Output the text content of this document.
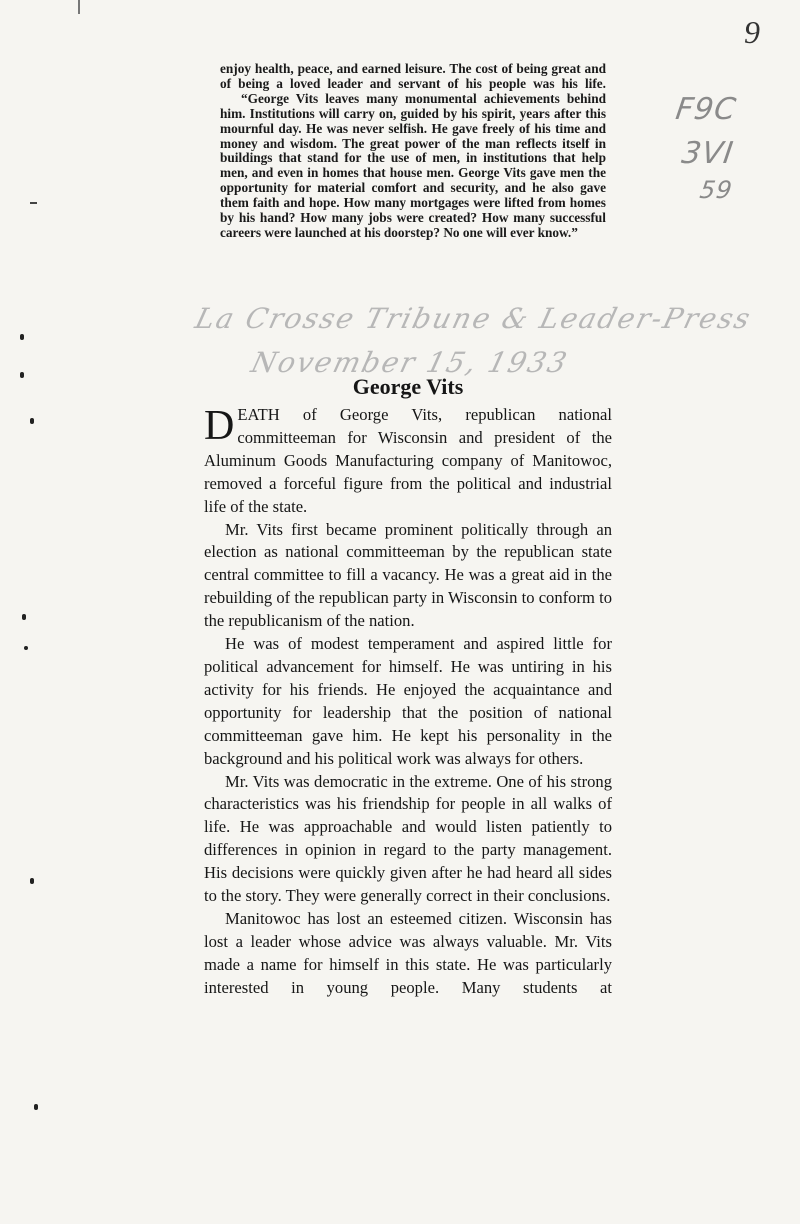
9
F9C
3VI
59

enjoy health, peace, and earned leisure. The cost of being great and of being a loved leader and servant of his people was his life.

“George Vits leaves many monumental achievements behind him. Institutions will carry on, guided by his spirit, years after this mournful day. He was never selfish. He gave freely of his time and money and wisdom. The great power of the man reflects itself in buildings that stand for the use of men, in institutions that help men, and even in homes that house men. George Vits gave men the opportunity for material comfort and security, and he also gave them faith and hope. How many mortgages were lifted from homes by his hand? How many jobs were created? How many successful careers were launched at his doorstep? No one will ever know.”

La Crosse Tribune & Leader-Press
November 15, 1933
George Vits

DEATH of George Vits, republican national committeeman for Wisconsin and president of the Aluminum Goods Manufacturing company of Manitowoc, removed a forceful figure from the political and industrial life of the state.

Mr. Vits first became prominent politically through an election as national committeeman by the republican state central committee to fill a vacancy. He was a great aid in the rebuilding of the republican party in Wisconsin to conform to the republicanism of the nation.

He was of modest temperament and aspired little for political advancement for himself. He was untiring in his activity for his friends. He enjoyed the acquaintance and opportunity for leadership that the position of national committeeman gave him. He kept his personality in the background and his political work was always for others.

Mr. Vits was democratic in the extreme. One of his strong characteristics was his friendship for people in all walks of life. He was approachable and would listen patiently to differences in opinion in regard to the party management. His decisions were quickly given after he had heard all sides to the story. They were generally correct in their conclusions.

Manitowoc has lost an esteemed citizen. Wisconsin has lost a leader whose advice was always valuable. Mr. Vits made a name for himself in this state. He was particularly interested in young people. Many students at
